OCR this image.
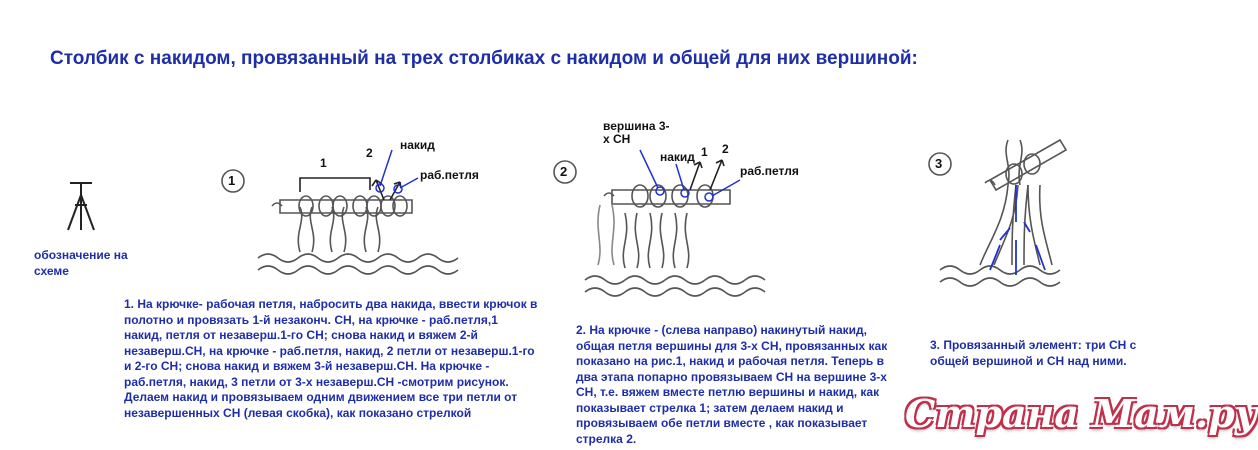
Столбик с накидом, провязанный на трех столбиках с накидом и общей для них вершиной:
1
2
3
обозначение на схеме
1
2
накид
раб.петля
вершина 3-х СН
накид 1 2
раб.петля
1. На крючке- рабочая петля, набросить два накида, ввести крючок в полотно и провязать 1-й незаконч. СН, на крючке - раб.петля,1 накид, петля от незаверш.1-го СН; снова накид и вяжем 2-й незаверш.СН, на крючке - раб.петля, накид, 2 петли от незаверш.1-го и 2-го СН; снова накид и вяжем 3-й незаверш.СН. На крючке - раб.петля, накид, 3 петли от 3-х незаверш.СН -смотрим рисунок. Делаем накид и провязываем одним движением все три петли от незавершенных СН (левая скобка), как показано стрелкой
2. На крючке - (слева направо) накинутый накид, общая петля вершины для 3-х СН, провязанных как показано на рис.1, накид и рабочая петля. Теперь в два этапа попарно провязываем СН на вершине 3-х СН, т.е. вяжем вместе петлю вершины и накид, как показывает стрелка 1; затем делаем накид и провязываем обе петли вместе , как показывает стрелка 2.
3. Провязанный элемент: три СН с общей вершиной и СН над ними.
Страна Мам.ру
